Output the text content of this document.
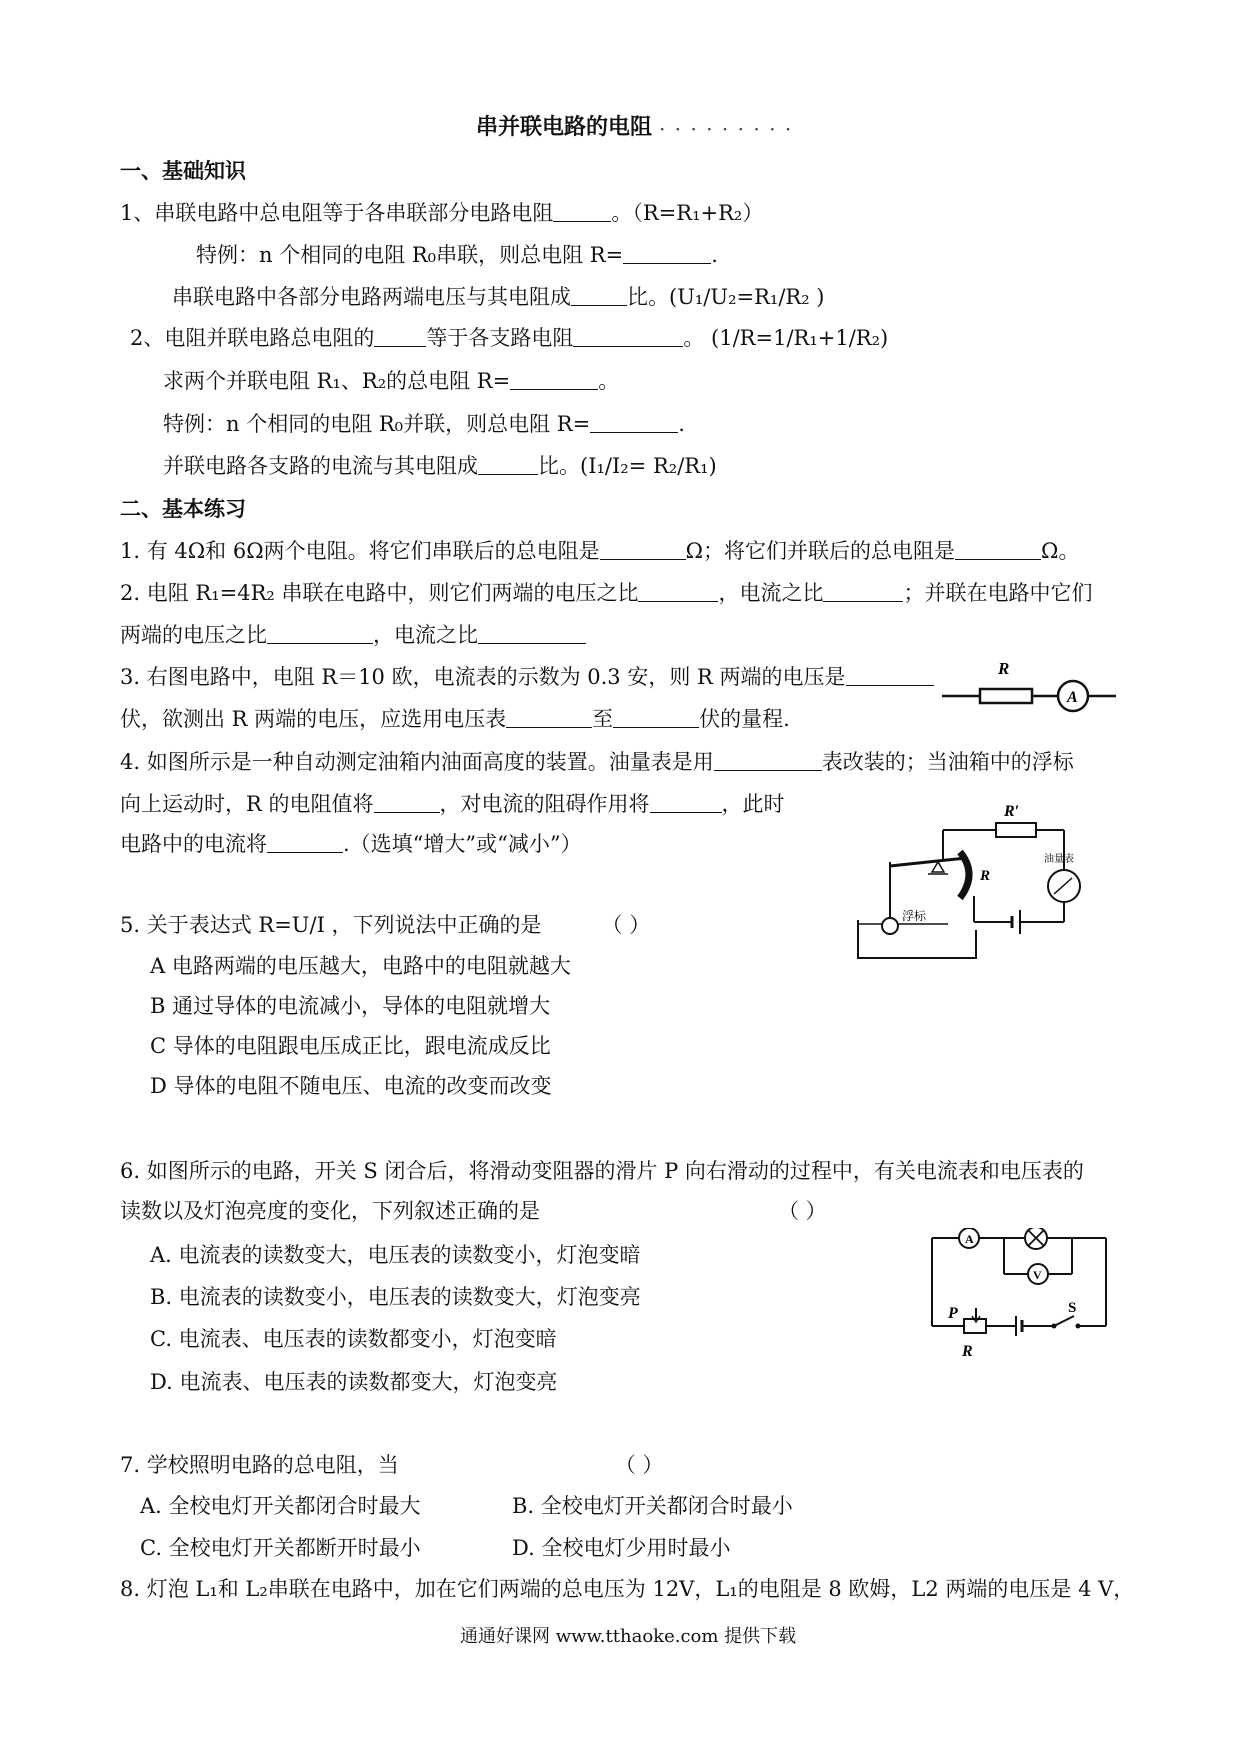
串并联电路的电阻 · · · · · · · · ·
一、基础知识
1、串联电路中总电阻等于各串联部分电路电阻	。（R=R₁+R₂）
特例：n 个相同的电阻 R₀串联，则总电阻 R=	.
串联电路中各部分电路两端电压与其电阻成	比。(U₁/U₂=R₁/R₂ )
2、电阻并联电路总电阻的 等于各支路电阻	。 (1/R=1/R₁+1/R₂)
求两个并联电阻 R₁、R₂的总电阻 R=	。
特例：n 个相同的电阻 R₀并联，则总电阻 R=	.
并联电路各支路的电流与其电阻成	比。(I₁/I₂= R₂/R₁)
二、基本练习
1. 有 4Ω和 6Ω两个电阻。将它们串联后的总电阻是	Ω；将它们并联后的总电阻是	Ω。
2. 电阻 R₁=4R₂ 串联在电路中，则它们两端的电压之比	，电流之比	；并联在电路中它们
两端的电压之比	，电流之比
3. 右图电路中，电阻 R＝10 欧，电流表的示数为 0.3 安，则 R 两端的电压是
伏，欲测出 R 两端的电压，应选用电压表	至	伏的量程.
R
A
4. 如图所示是一种自动测定油箱内油面高度的装置。油量表是用	表改装的；当油箱中的浮标
向上运动时，R 的电阻值将	，对电流的阻碍作用将	，此时
电路中的电流将	.（选填“增大”或“减小”）
R′
R
油量表
浮标
5. 关于表达式 R=U/I ，下列说法中正确的是	（ ）
A 电路两端的电压越大，电路中的电阻就越大
B 通过导体的电流减小，导体的电阻就增大
C 导体的电阻跟电压成正比，跟电流成反比
D 导体的电阻不随电压、电流的改变而改变
6. 如图所示的电路，开关 S 闭合后，将滑动变阻器的滑片 P 向右滑动的过程中，有关电流表和电压表的
读数以及灯泡亮度的变化，下列叙述正确的是	（ ）
A. 电流表的读数变大，电压表的读数变小，灯泡变暗
B. 电流表的读数变小，电压表的读数变大，灯泡变亮
C. 电流表、电压表的读数都变小，灯泡变暗
D. 电流表、电压表的读数都变大，灯泡变亮
A
V
P
R
S
7. 学校照明电路的总电阻，当	（ ）
A. 全校电灯开关都闭合时最大	B. 全校电灯开关都闭合时最小
C. 全校电灯开关都断开时最小	D. 全校电灯少用时最小
8. 灯泡 L₁和 L₂串联在电路中，加在它们两端的总电压为 12V，L₁的电阻是 8 欧姆，L2 两端的电压是 4 V，
通通好课网 www.tthaoke.com 提供下载
